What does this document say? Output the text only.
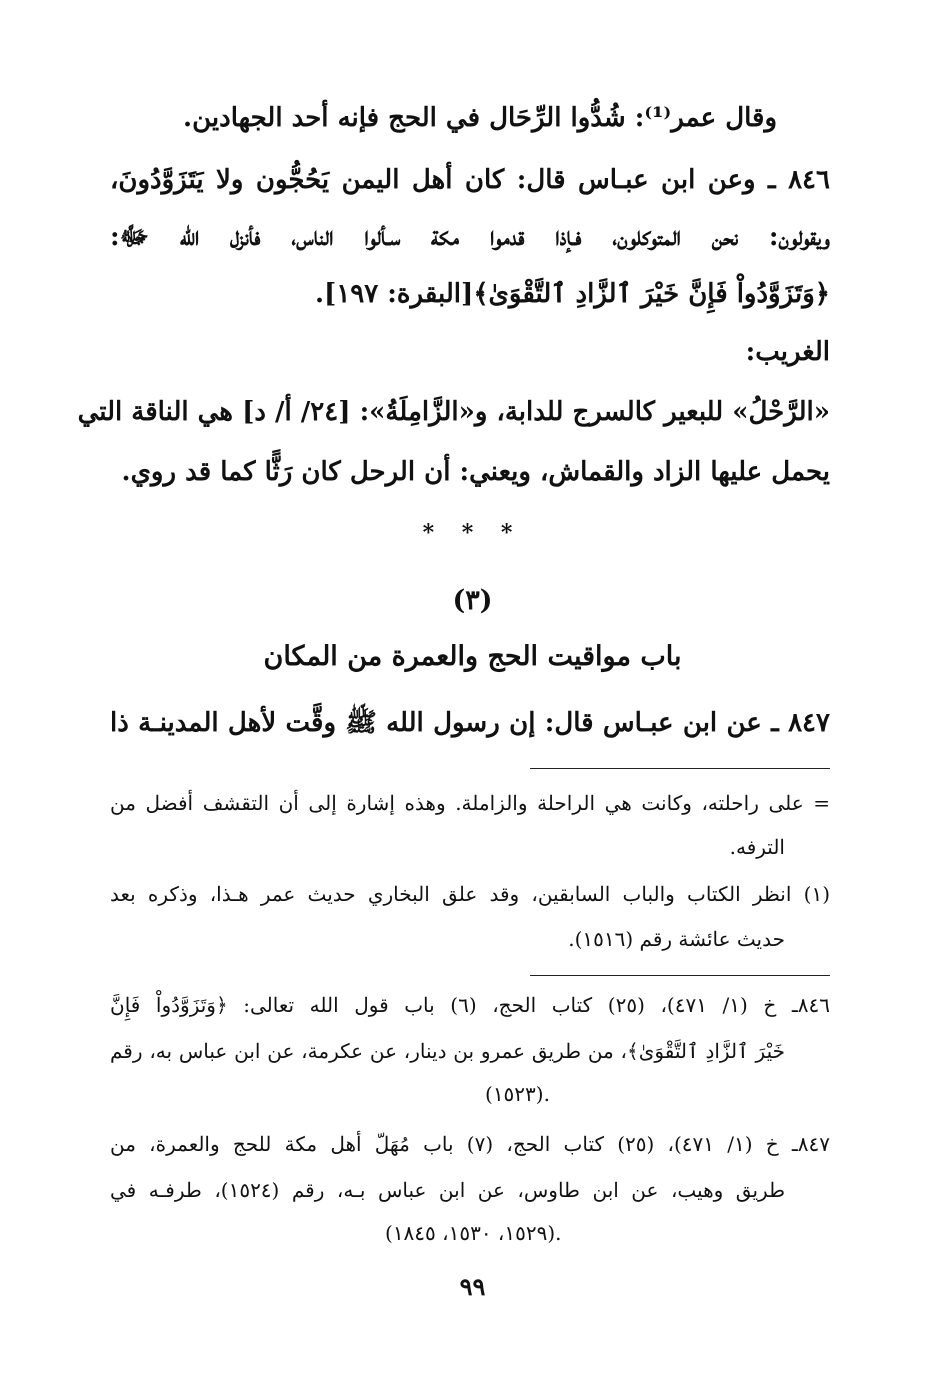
وقال عمر⁽¹⁾: شُدُّوا الرِّحَال في الحج فإنه أحد الجهادين.
٨٤٦ ـ وعن ابن عبـاس قال: كان أهل اليمن يَحُجُّون ولا يَتَزَوَّدُونَ،
ويقولون: نحن المتوكلون، فـإذا قدموا مكة سـألوا الناس، فأنزل الله ﷻ:
﴿وَتَزَوَّدُواْ فَإِنَّ خَيْرَ ٱلزَّادِ ٱلتَّقْوَىٰ﴾[البقرة: ١٩٧].
الغريب:
«الرَّحْلُ» للبعير كالسرج للدابة، و«الزَّامِلَةُ»: [٢٤/ أ/ د] هي الناقة التي
يحمل عليها الزاد والقماش، ويعني: أن الرحل كان رَثًّا كما قد روي.
* * *
(٣)
باب مواقيت الحج والعمرة من المكان
٨٤٧ ـ عن ابن عبـاس قال: إن رسول الله ﷺ وقَّت لأهل المدينـة ذا
= على راحلته، وكانت هي الراحلة والزاملة. وهذه إشارة إلى أن التقشف أفضل من
الترفه.
(١) انظر الكتاب والباب السابقين، وقد علق البخاري حديث عمر هـذا، وذكره بعد
حديث عائشة رقم (١٥١٦).
٨٤٦ـ خ (١/ ٤٧١)، (٢٥) كتاب الحج، (٦) باب قول الله تعالى: ﴿وَتَزَوَّدُواْ فَإِنَّ
خَيْرَ ٱلزَّادِ ٱلتَّقْوَىٰ﴾، من طريق عمرو بن دينار، عن عكرمة، عن ابن عباس به، رقم
(١٥٢٣).
٨٤٧ـ خ (١/ ٤٧١)، (٢٥) كتاب الحج، (٧) باب مُهَلّ أهل مكة للحج والعمرة، من
طريق وهيب، عن ابن طاوس، عن ابن عباس بـه، رقم (١٥٢٤)، طرفـه في
(١٥٢٩، ١٥٣٠، ١٨٤٥).
٩٩
